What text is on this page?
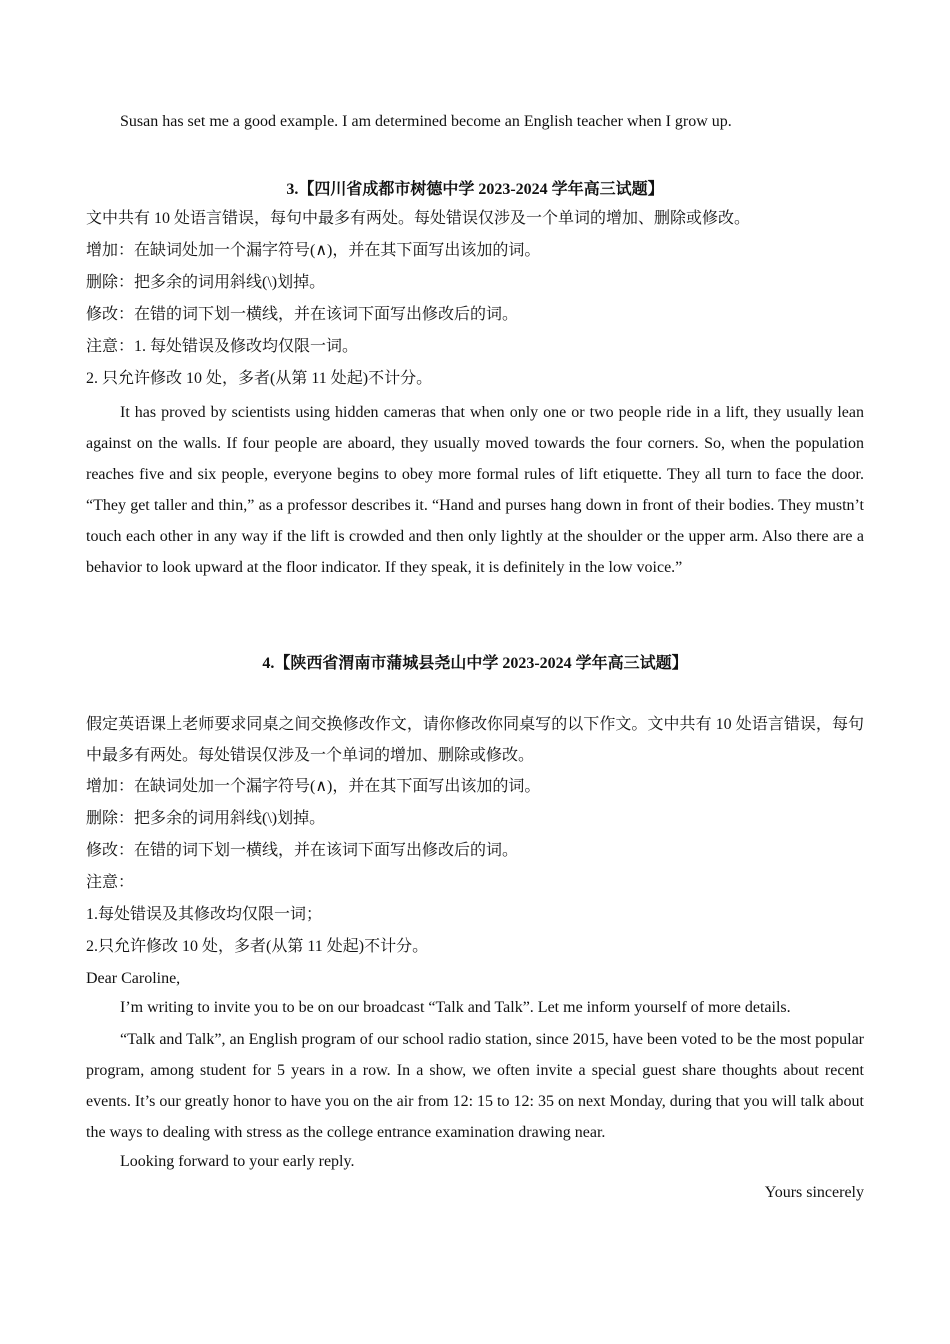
Susan has set me a good example. I am determined become an English teacher when I grow up.
3.【四川省成都市树德中学 2023-2024 学年高三试题】
文中共有 10 处语言错误，每句中最多有两处。每处错误仅涉及一个单词的增加、删除或修改。
增加：在缺词处加一个漏字符号(∧)，并在其下面写出该加的词。
删除：把多余的词用斜线(\)划掉。
修改：在错的词下划一横线，并在该词下面写出修改后的词。
注意：1. 每处错误及修改均仅限一词。
2. 只允许修改 10 处，多者(从第 11 处起)不计分。
It has proved by scientists using hidden cameras that when only one or two people ride in a lift, they usually lean against on the walls. If four people are aboard, they usually moved towards the four corners. So, when the population reaches five and six people, everyone begins to obey more formal rules of lift etiquette. They all turn to face the door. “They get taller and thin,” as a professor describes it. “Hand and purses hang down in front of their bodies. They mustn’t touch each other in any way if the lift is crowded and then only lightly at the shoulder or the upper arm. Also there are a behavior to look upward at the floor indicator. If they speak, it is definitely in the low voice.”
4.【陕西省渭南市蒲城县尧山中学 2023-2024 学年高三试题】
假定英语课上老师要求同桌之间交换修改作文，请你修改你同桌写的以下作文。文中共有 10 处语言错误，每句中最多有两处。每处错误仅涉及一个单词的增加、删除或修改。
增加：在缺词处加一个漏字符号(∧)，并在其下面写出该加的词。
删除：把多余的词用斜线(\)划掉。
修改：在错的词下划一横线，并在该词下面写出修改后的词。
注意：
1.每处错误及其修改均仅限一词；
2.只允许修改 10 处，多者(从第 11 处起)不计分。
Dear Caroline,
I’m writing to invite you to be on our broadcast “Talk and Talk”. Let me inform yourself of more details.
“Talk and Talk”, an English program of our school radio station, since 2015, have been voted to be the most popular program, among student for 5 years in a row. In a show, we often invite a special guest share thoughts about recent events. It’s our greatly honor to have you on the air from 12: 15 to 12: 35 on next Monday, during that you will talk about the ways to dealing with stress as the college entrance examination drawing near.
Looking forward to your early reply.
Yours sincerely
